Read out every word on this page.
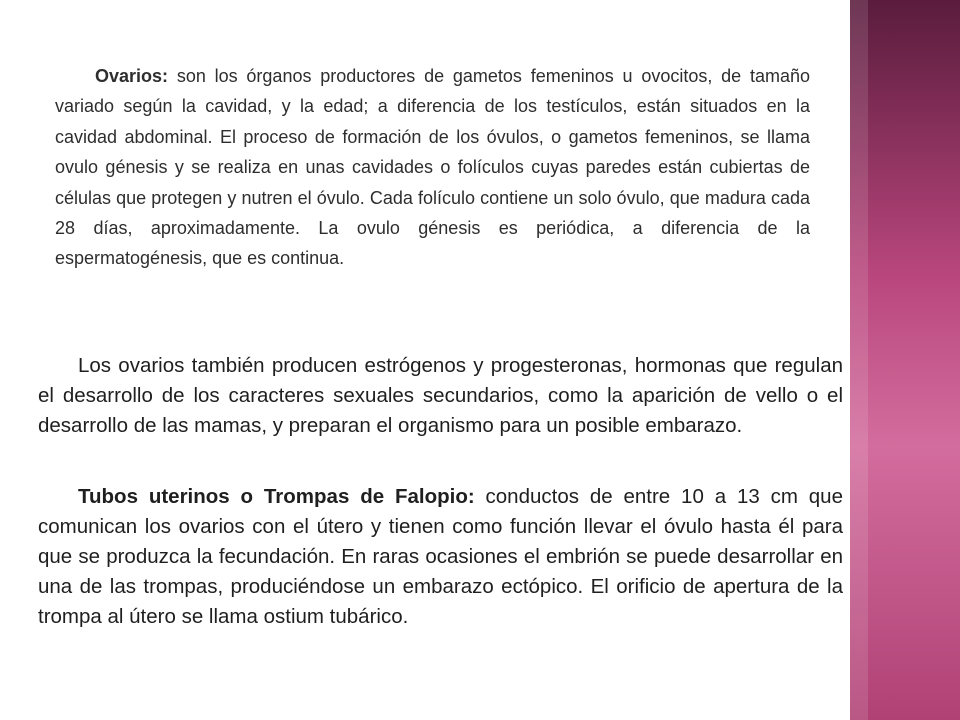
Ovarios: son los órganos productores de gametos femeninos u ovocitos, de tamaño variado según la cavidad, y la edad; a diferencia de los testículos, están situados en la cavidad abdominal. El proceso de formación de los óvulos, o gametos femeninos, se llama ovulo génesis y se realiza en unas cavidades o folículos cuyas paredes están cubiertas de células que protegen y nutren el óvulo. Cada folículo contiene un solo óvulo, que madura cada 28 días, aproximadamente. La ovulo génesis es periódica, a diferencia de la espermatogénesis, que es continua.

Los ovarios también producen estrógenos y progesteronas, hormonas que regulan el desarrollo de los caracteres sexuales secundarios, como la aparición de vello o el desarrollo de las mamas, y preparan el organismo para un posible embarazo.

Tubos uterinos o Trompas de Falopio: conductos de entre 10 a 13 cm que comunican los ovarios con el útero y tienen como función llevar el óvulo hasta él para que se produzca la fecundación. En raras ocasiones el embrión se puede desarrollar en una de las trompas, produciéndose un embarazo ectópico. El orificio de apertura de la trompa al útero se llama ostium tubárico.
